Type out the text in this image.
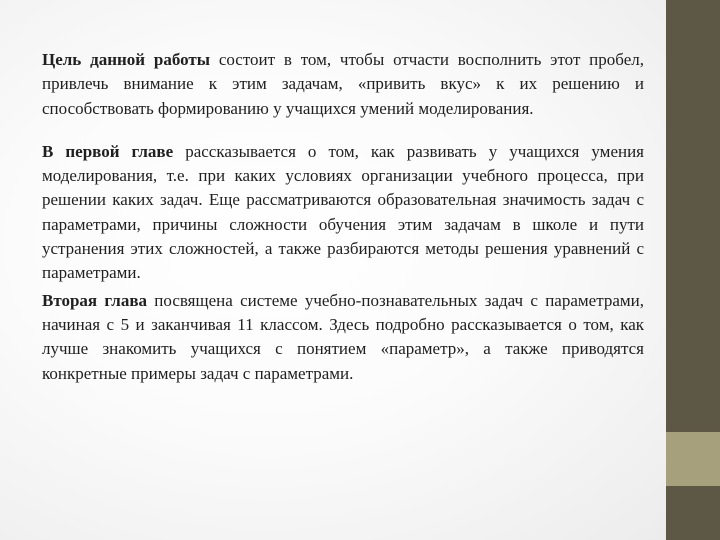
Цель данной работы состоит в том, чтобы отчасти восполнить этот пробел, привлечь внимание к этим задачам, «привить вкус» к их решению и способствовать формированию у учащихся умений моделирования.

В первой главе рассказывается о том, как развивать у учащихся умения моделирования, т.е. при каких условиях организации учебного процесса, при решении каких задач. Еще рассматриваются образовательная значимость задач с параметрами, причины сложности обучения этим задачам в школе и пути устранения этих сложностей, а также разбираются методы решения уравнений с параметрами.

Вторая глава посвящена системе учебно-познавательных задач с параметрами, начиная с 5 и заканчивая 11 классом. Здесь подробно рассказывается о том, как лучше знакомить учащихся с понятием «параметр», а также приводятся конкретные примеры задач с параметрами.
